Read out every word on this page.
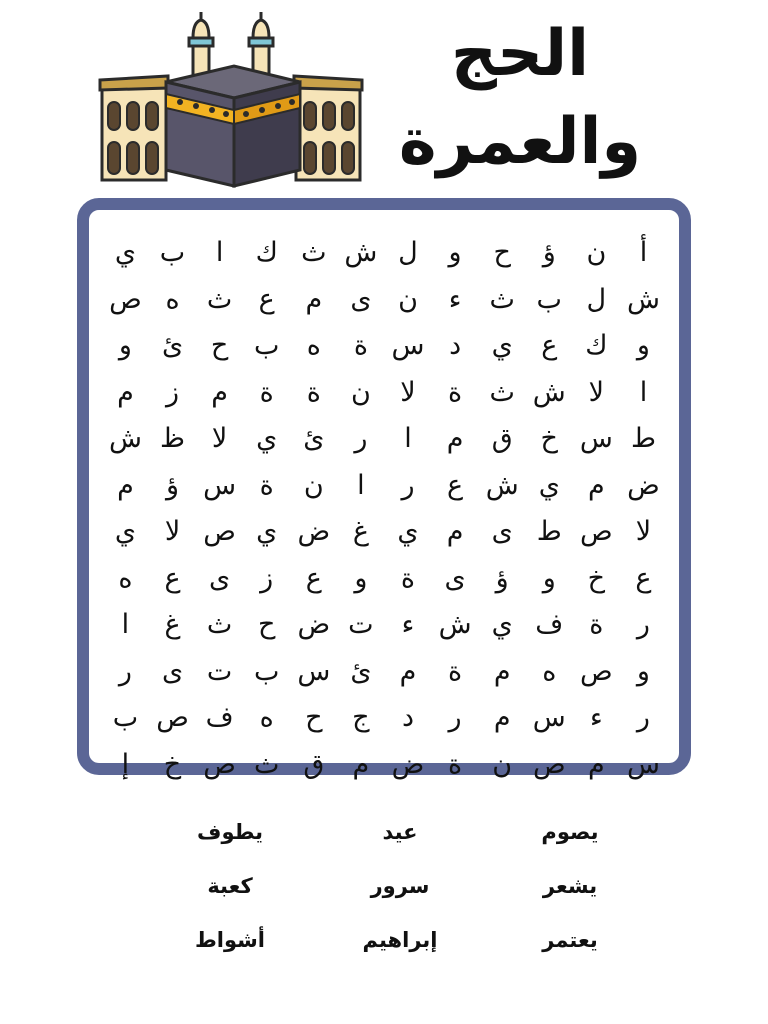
الحج
والعمرة
أ
ن
ؤ
ح
و
ل
ش
ث
ك
ا
ب
ي
ش
ل
ب
ث
ء
ن
ى
م
ع
ث
ه
ص
و
ك
ع
ي
د
س
ة
ه
ب
ح
ئ
و
ا
لا
ش
ث
ة
لا
ن
ة
ة
م
ز
م
ط
س
خ
ق
م
ا
ر
ئ
ي
لا
ظ
ش
ض
م
ي
ش
ع
ر
ا
ن
ة
س
ؤ
م
لا
ص
ط
ى
م
ي
غ
ض
ي
ص
لا
ي
ع
خ
و
ؤ
ى
ة
و
ع
ز
ى
ع
ه
ر
ة
ف
ي
ش
ء
ت
ض
ح
ث
غ
ا
و
ص
ه
م
ة
م
ئ
س
ب
ت
ى
ر
ر
ء
س
م
ر
د
ج
ح
ه
ف
ص
ب
س
م
ص
ن
ة
ض
م
ق
ث
ص
خ
إ
يصوم
عيد
يطوف
يشعر
سرور
كعبة
يعتمر
إبراهيم
أشواط
